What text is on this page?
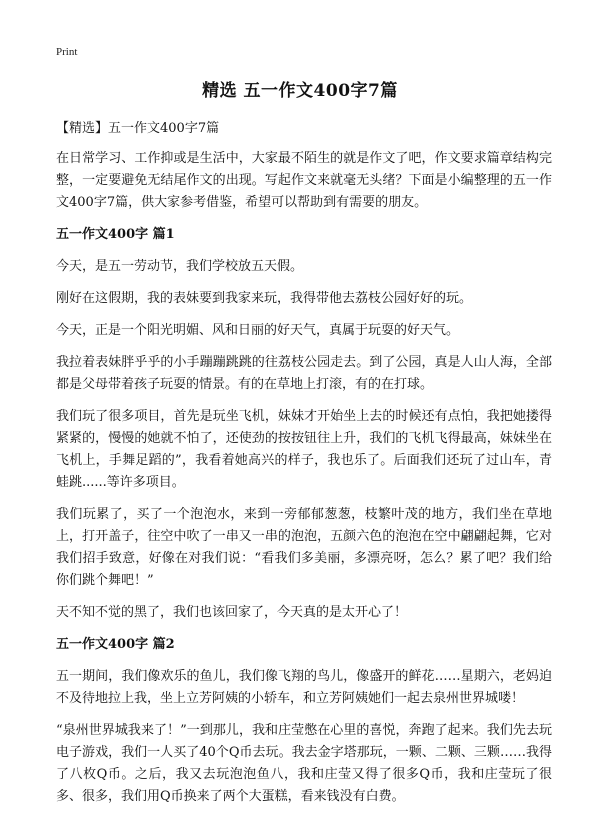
Print
精选 五一作文400字7篇
【精选】五一作文400字7篇

在日常学习、工作抑或是生活中，大家最不陌生的就是作文了吧，作文要求篇章结构完整，一定要避免无结尾作文的出现。写起作文来就毫无头绪？下面是小编整理的五一作文400字7篇，供大家参考借鉴，希望可以帮助到有需要的朋友。

五一作文400字 篇1

今天，是五一劳动节，我们学校放五天假。

刚好在这假期，我的表妹要到我家来玩，我得带他去荔枝公园好好的玩。

今天，正是一个阳光明媚、风和日丽的好天气，真属于玩耍的好天气。

我拉着表妹胖乎乎的小手蹦蹦跳跳的往荔枝公园走去。到了公园，真是人山人海，全部都是父母带着孩子玩耍的情景。有的在草地上打滚，有的在打球。

我们玩了很多项目，首先是玩坐飞机，妹妹才开始坐上去的时候还有点怕，我把她搂得紧紧的，慢慢的她就不怕了，还使劲的按按钮往上升，我们的飞机飞得最高，妹妹坐在飞机上，手舞足蹈的”，我看着她高兴的样子，我也乐了。后面我们还玩了过山车，青蛙跳......等许多项目。

我们玩累了，买了一个泡泡水，来到一旁郁郁葱葱，枝繁叶茂的地方，我们坐在草地上，打开盖子，往空中吹了一串又一串的泡泡，五颜六色的泡泡在空中翩翩起舞，它对我们招手致意，好像在对我们说：“看我们多美丽，多漂亮呀，怎么？累了吧？我们给你们跳个舞吧！”

天不知不觉的黑了，我们也该回家了，今天真的是太开心了！

五一作文400字 篇2

五一期间，我们像欢乐的鱼儿，我们像飞翔的鸟儿，像盛开的鲜花……星期六，老妈迫不及待地拉上我，坐上立芳阿姨的小轿车，和立芳阿姨她们一起去泉州世界城喽！

“泉州世界城我来了！”一到那儿，我和庄莹憋在心里的喜悦，奔跑了起来。我们先去玩电子游戏，我们一人买了40个Q币去玩。我去金字塔那玩，一颗、二颗、三颗……我得了八枚Q币。之后，我又去玩泡泡鱼八，我和庄莹又得了很多Q币，我和庄莹玩了很多、很多，我们用Q币换来了两个大蛋糕，看来钱没有白费。
